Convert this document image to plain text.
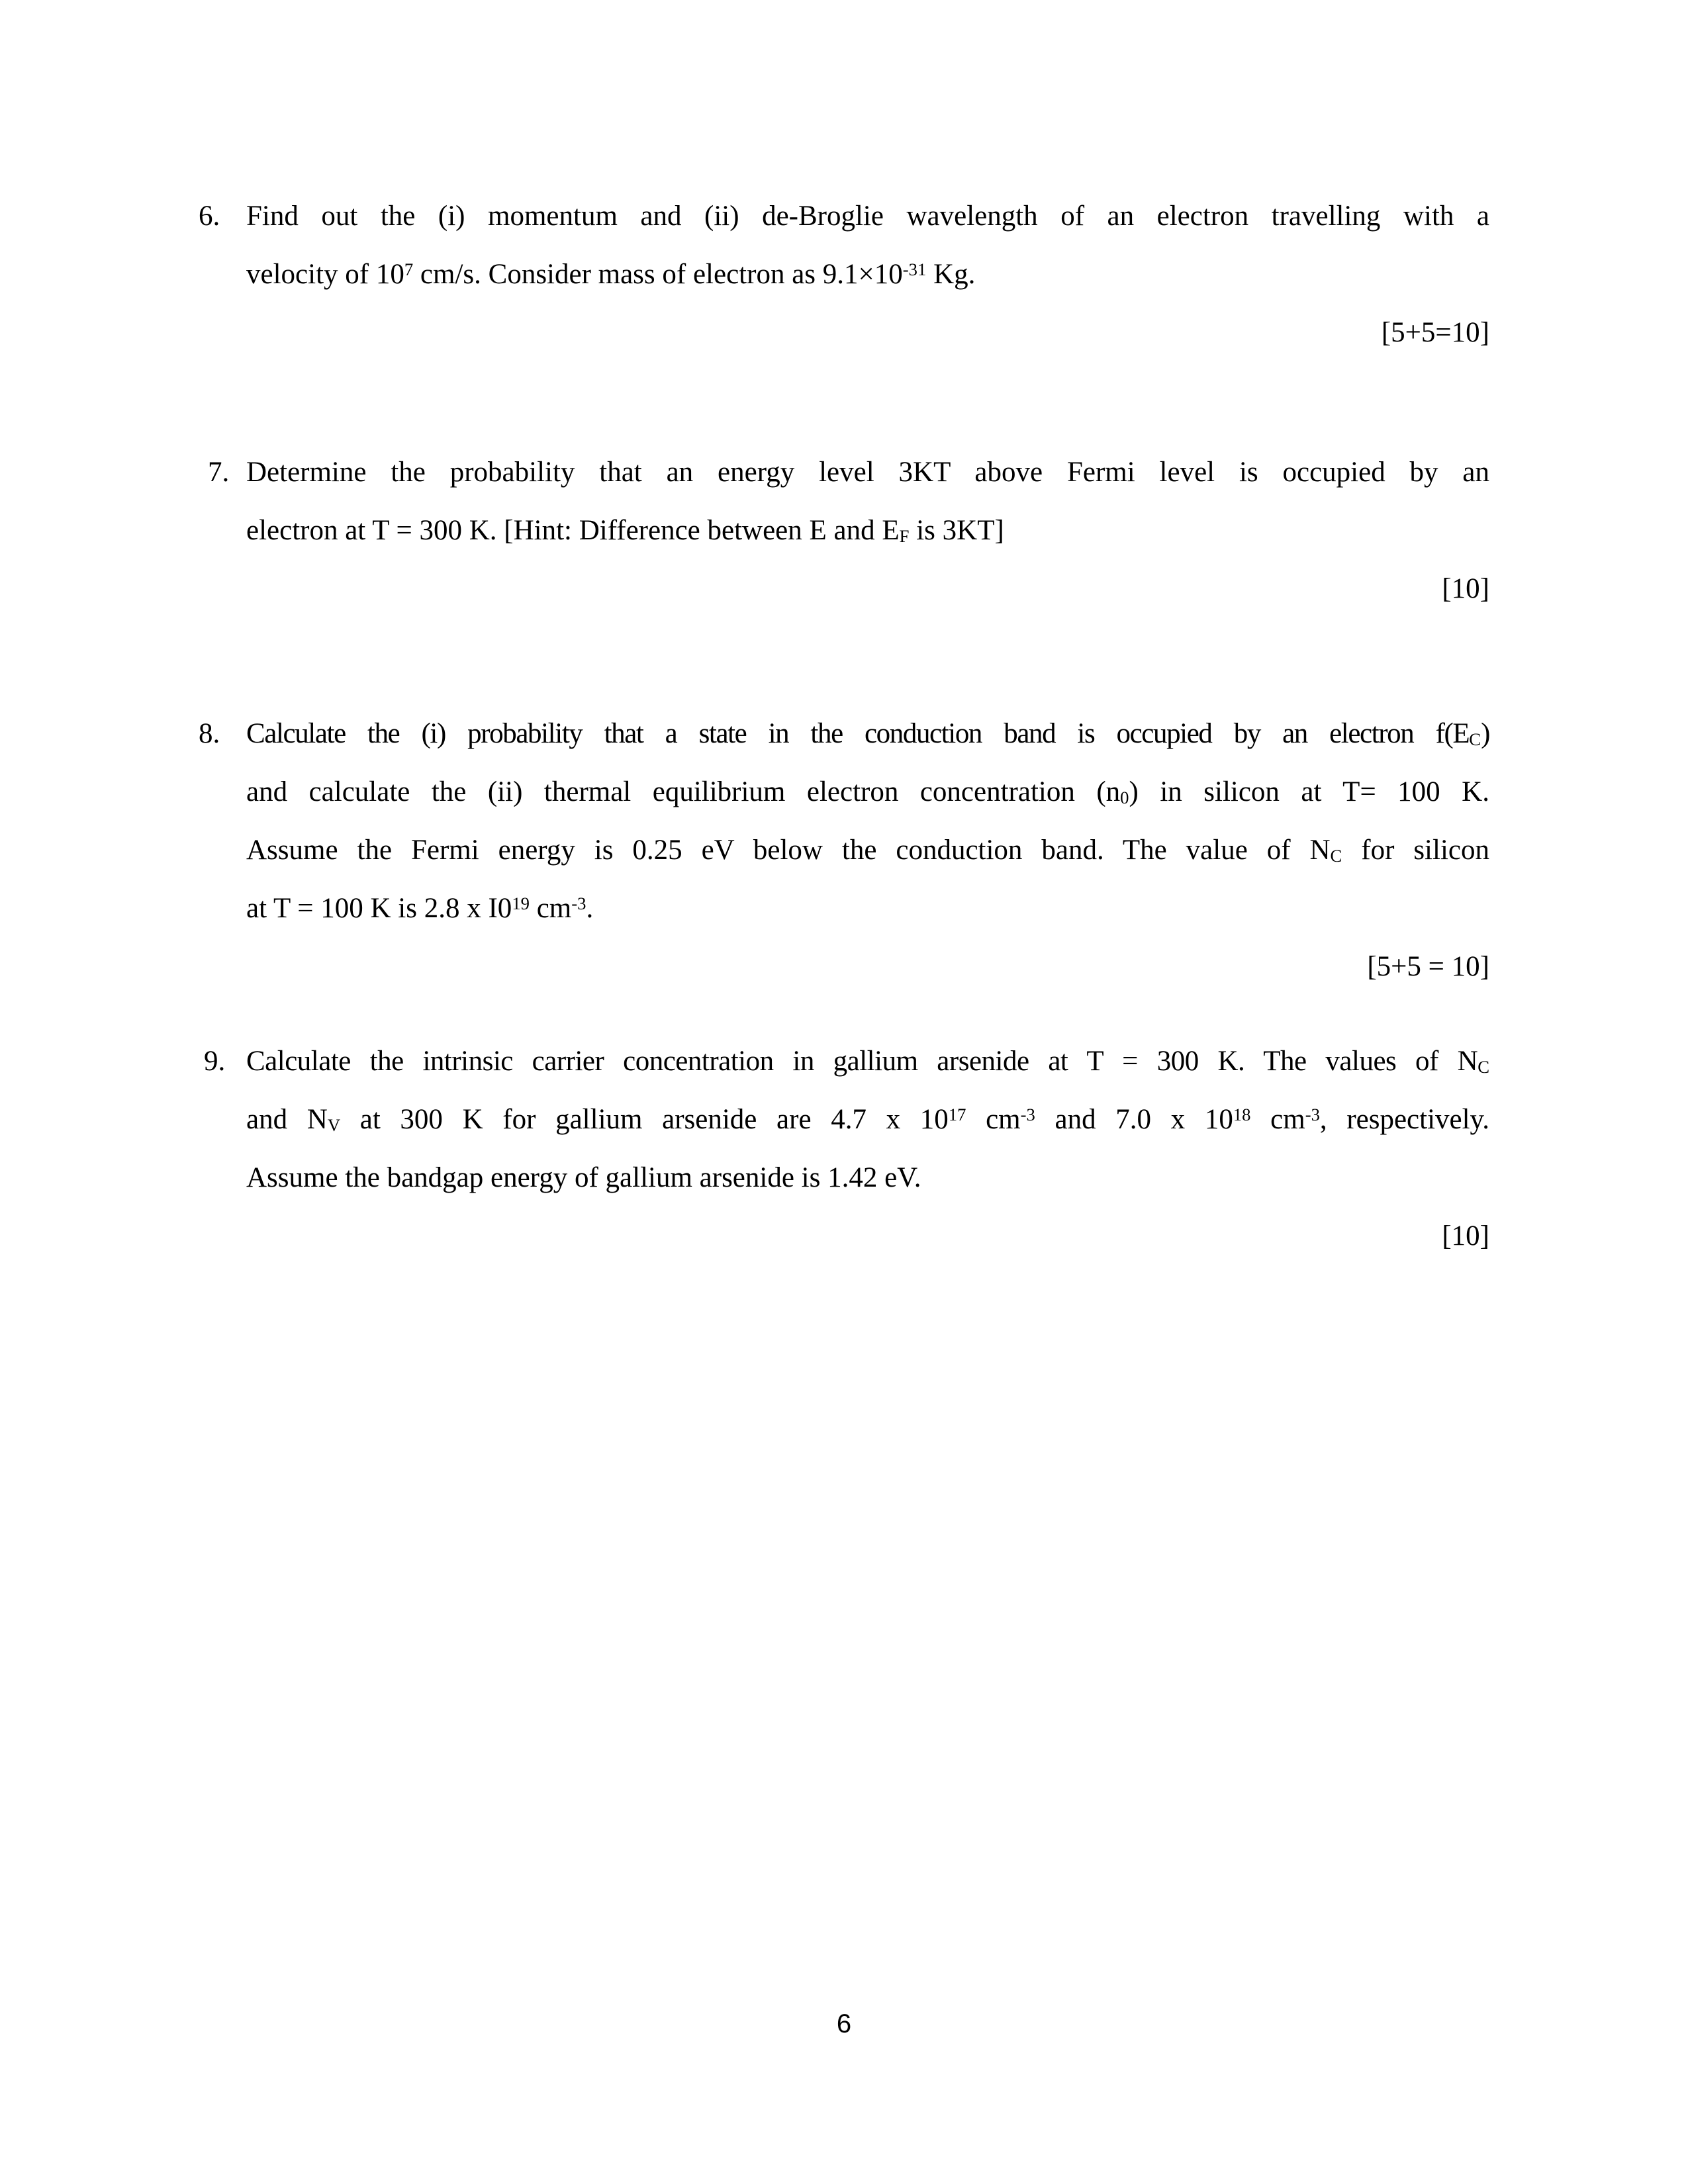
6. Find out the (i) momentum and (ii) de-Broglie wavelength of an electron travelling with a
velocity of $10^7$ cm/s. Consider mass of electron as $9.1\times 10^{-31}$ Kg.
[5+5=10]
7. Determine the probability that an energy level 3KT above Fermi level is occupied by an
electron at T = 300 K. [Hint: Difference between E and $E_F$ is 3KT]
[10]
8. Calculate the (i) probability that a state in the conduction band is occupied by an electron $f(E_C)$
and calculate the (ii) thermal equilibrium electron concentration $(n_0)$ in silicon at T= 100 K.
Assume the Fermi energy is 0.25 eV below the conduction band. The value of $N_C$ for silicon
at T = 100 K is 2.8 x $I0^{19}$ $cm^{-3}$.
[5+5 = 10]
9. Calculate the intrinsic carrier concentration in gallium arsenide at T = 300 K. The values of $N_C$
and $N_V$ at 300 K for gallium arsenide are 4.7 x $10^{17}$ $cm^{-3}$ and 7.0 x $10^{18}$ $cm^{-3}$, respectively.
Assume the bandgap energy of gallium arsenide is 1.42 eV.
[10]
6
